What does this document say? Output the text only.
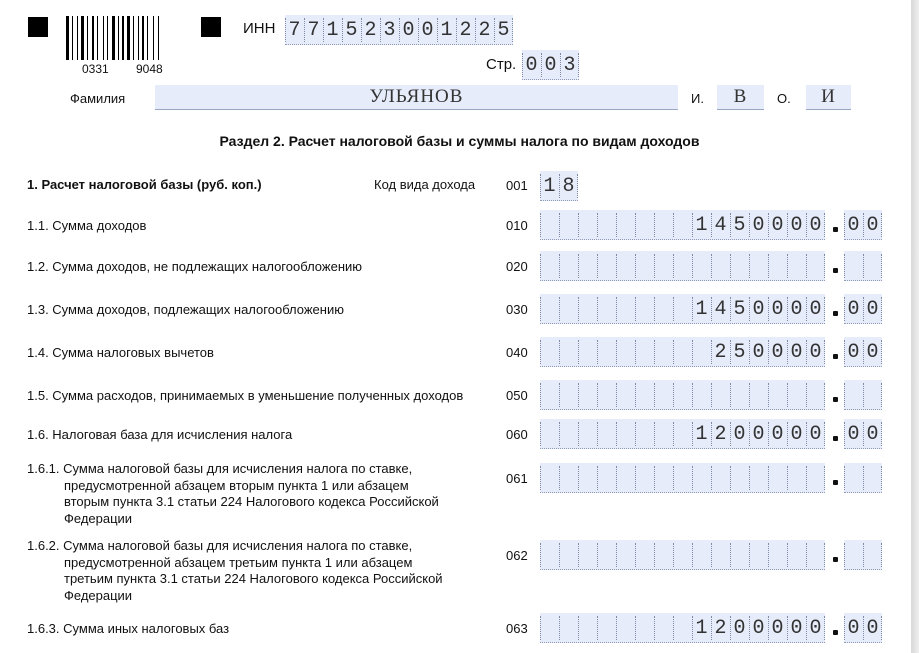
0331 9048
ИНН 7 7 1 5 2 3 0 0 1 2 2 5
Стр. 0 0 3
Фамилия	УЛЬЯНОВ	И.	В	О.	И
Раздел 2. Расчет налоговой базы и суммы налога по видам доходов
1. Расчет налоговой базы (руб. коп.)	Код вида дохода 001 1 8
1.1. Сумма доходов	010	1 4 5 0 0 0 0 0 0
1.2. Сумма доходов, не подлежащих налогообложению	020
1.3. Сумма доходов, подлежащих налогообложению	030	1 4 5 0 0 0 0 0 0
1.4. Сумма налоговых вычетов	040	2 5 0 0 0 0 0 0
1.5. Сумма расходов, принимаемых в уменьшение полученных доходов	050
1.6. Налоговая база для исчисления налога	060	1 2 0 0 0 0 0 0 0
1.6.1. Сумма налоговой базы для исчисления налога по ставке,
предусмотренной абзацем вторым пункта 1 или абзацем
вторым пункта 3.1 статьи 224 Налогового кодекса Российской
Федерации
061
1.6.2. Сумма налоговой базы для исчисления налога по ставке,
предусмотренной абзацем третьим пункта 1 или абзацем
третьим пункта 3.1 статьи 224 Налогового кодекса Российской
Федерации
062
1.6.3. Сумма иных налоговых баз	063	1 2 0 0 0 0 0 0 0
